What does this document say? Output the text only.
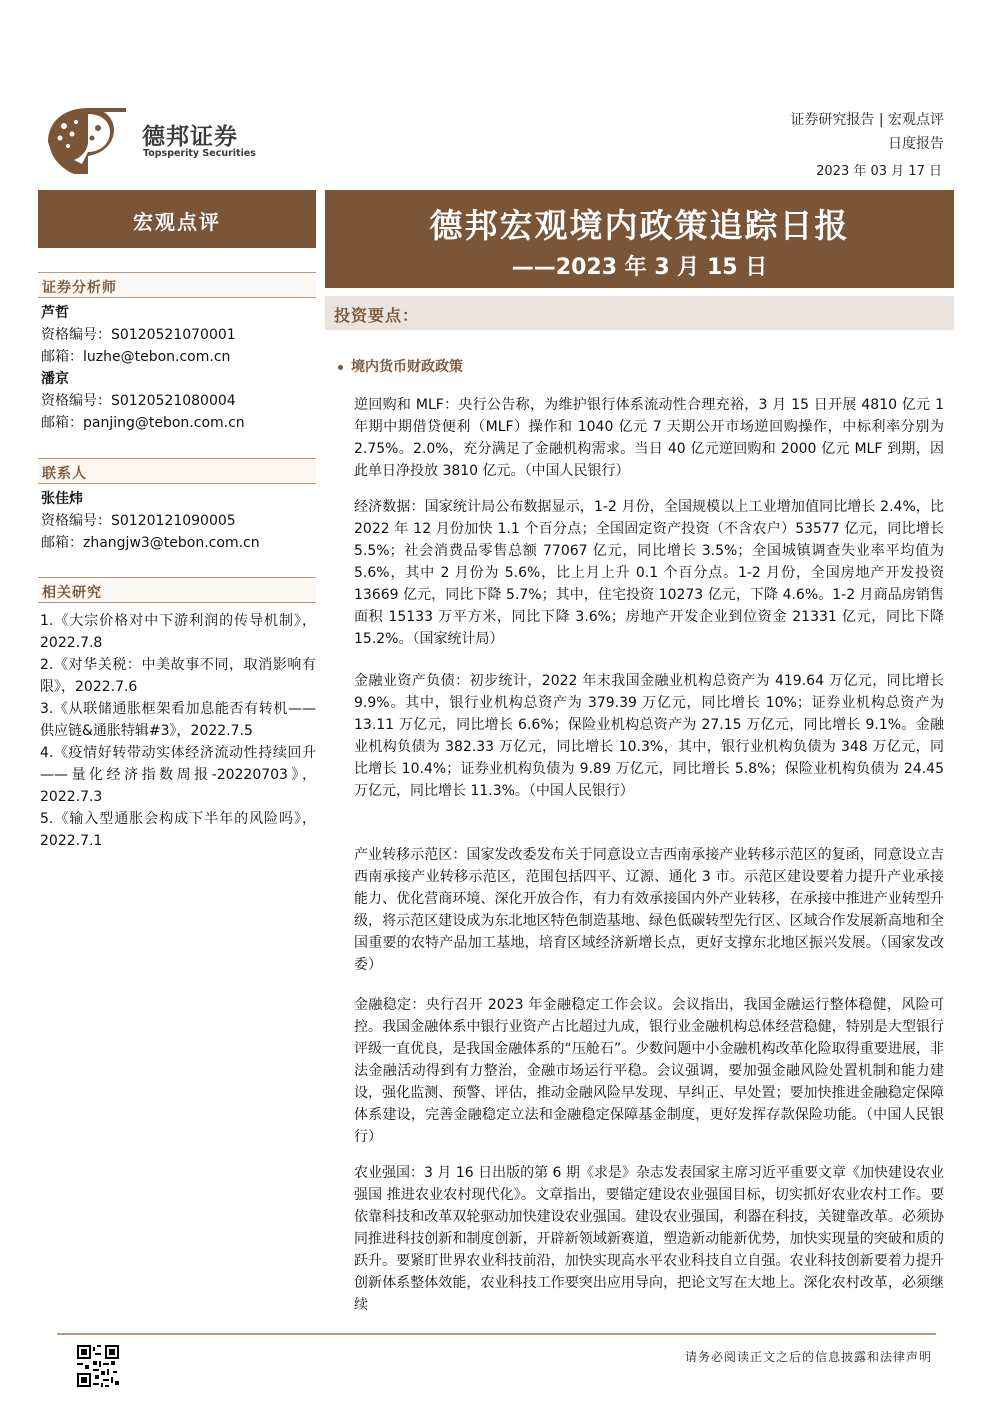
德邦证券
Topsperity Securities
证券研究报告 | 宏观点评
日度报告
2023 年 03 月 17 日
宏观点评	德邦宏观境内政策追踪日报
——2023 年 3 月 15 日
证券分析师
芦哲
资格编号：S0120521070001
邮箱：luzhe@tebon.com.cn
潘京
资格编号：S0120521080004
邮箱：panjing@tebon.com.cn
联系人
张佳炜
资格编号：S0120121090005
邮箱：zhangjw3@tebon.com.cn
相关研究
1.《大宗价格对中下游利润的传导机制》，2022.7.8
2.《对华关税：中美故事不同，取消影响有限》，2022.7.6
3.《从联储通胀框架看加息能否有转机——供应链&通胀特辑#3》，2022.7.5
4.《疫情好转带动实体经济流动性持续回升——量化经济指数周报-20220703》，2022.7.3
5.《输入型通胀会构成下半年的风险吗》，2022.7.1
投资要点：
境内货币财政政策
逆回购和 MLF：央行公告称，为维护银行体系流动性合理充裕，3 月 15 日开展 4810 亿元 1 年期中期借贷便利（MLF）操作和 1040 亿元 7 天期公开市场逆回购操作，中标利率分别为 2.75%。2.0%，充分满足了金融机构需求。当日 40 亿元逆回购和 2000 亿元 MLF 到期，因此单日净投放 3810 亿元。（中国人民银行）
经济数据：国家统计局公布数据显示，1-2 月份，全国规模以上工业增加值同比增长 2.4%，比 2022 年 12 月份加快 1.1 个百分点；全国固定资产投资（不含农户）53577 亿元，同比增长 5.5%；社会消费品零售总额 77067 亿元，同比增长 3.5%；全国城镇调查失业率平均值为 5.6%，其中 2 月份为 5.6%，比上月上升 0.1 个百分点。1-2 月份，全国房地产开发投资 13669 亿元，同比下降 5.7%；其中，住宅投资 10273 亿元，下降 4.6%。1-2 月商品房销售面积 15133 万平方米，同比下降 3.6%；房地产开发企业到位资金 21331 亿元，同比下降 15.2%。（国家统计局）
金融业资产负债：初步统计，2022 年末我国金融业机构总资产为 419.64 万亿元，同比增长 9.9%。其中，银行业机构总资产为 379.39 万亿元，同比增长 10%；证券业机构总资产为 13.11 万亿元，同比增长 6.6%；保险业机构总资产为 27.15 万亿元，同比增长 9.1%。金融业机构负债为 382.33 万亿元，同比增长 10.3%，其中，银行业机构负债为 348 万亿元，同比增长 10.4%；证券业机构负债为 9.89 万亿元，同比增长 5.8%；保险业机构负债为 24.45 万亿元，同比增长 11.3%。（中国人民银行）
产业转移示范区：国家发改委发布关于同意设立吉西南承接产业转移示范区的复函，同意设立吉西南承接产业转移示范区，范围包括四平、辽源、通化 3 市。示范区建设要着力提升产业承接能力、优化营商环境、深化开放合作，有力有效承接国内外产业转移，在承接中推进产业转型升级，将示范区建设成为东北地区特色制造基地、绿色低碳转型先行区、区域合作发展新高地和全国重要的农特产品加工基地，培育区域经济新增长点，更好支撑东北地区振兴发展。（国家发改委）
金融稳定：央行召开 2023 年金融稳定工作会议。会议指出，我国金融运行整体稳健，风险可控。我国金融体系中银行业资产占比超过九成，银行业金融机构总体经营稳健，特别是大型银行评级一直优良，是我国金融体系的“压舱石”。少数问题中小金融机构改革化险取得重要进展，非法金融活动得到有力整治，金融市场运行平稳。会议强调，要加强金融风险处置机制和能力建设，强化监测、预警、评估，推动金融风险早发现、早纠正、早处置；要加快推进金融稳定保障体系建设，完善金融稳定立法和金融稳定保障基金制度，更好发挥存款保险功能。（中国人民银行）
农业强国：3 月 16 日出版的第 6 期《求是》杂志发表国家主席习近平重要文章《加快建设农业强国 推进农业农村现代化》。文章指出，要锚定建设农业强国目标，切实抓好农业农村工作。要依靠科技和改革双轮驱动加快建设农业强国。建设农业强国，利器在科技，关键靠改革。必须协同推进科技创新和制度创新，开辟新领域新赛道，塑造新动能新优势，加快实现量的突破和质的跃升。要紧盯世界农业科技前沿，加快实现高水平农业科技自立自强。农业科技创新要着力提升创新体系整体效能，农业科技工作要突出应用导向，把论文写在大地上。深化农村改革，必须继续
请务必阅读正文之后的信息披露和法律声明
